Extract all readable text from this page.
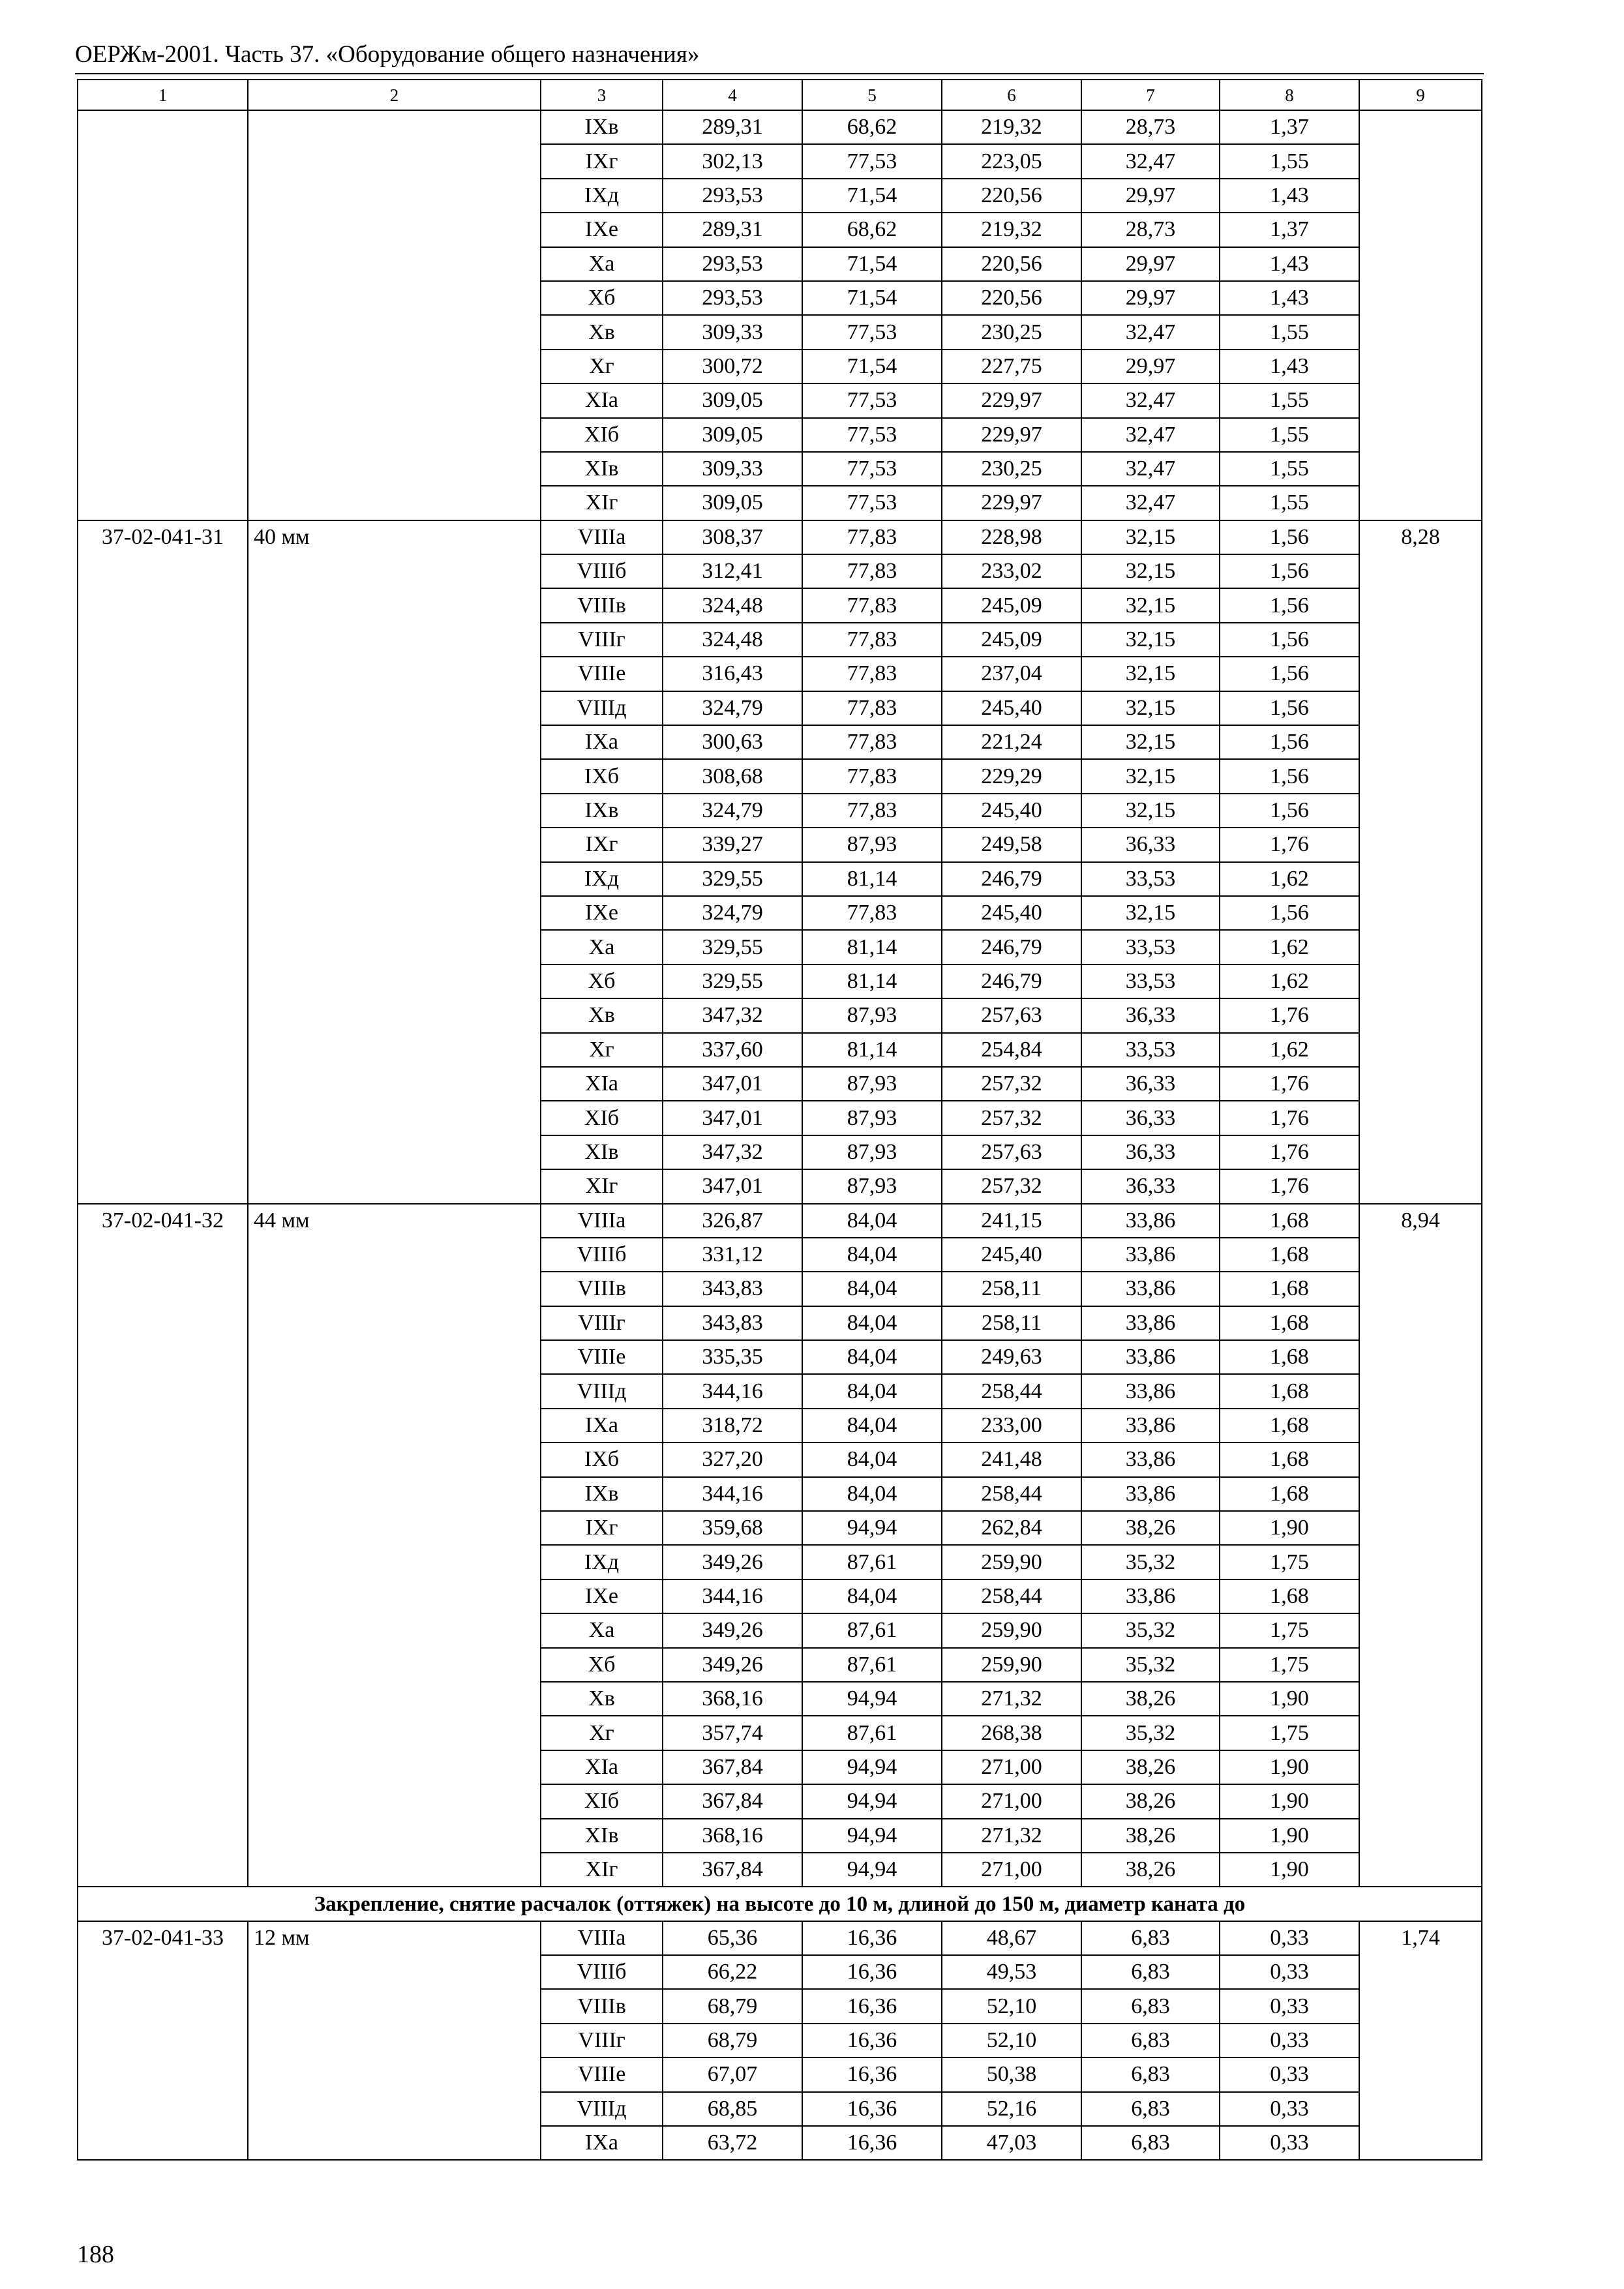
ОЕРЖм-2001. Часть 37. «Оборудование общего назначения»
1	2	3	4	5	6	7	8	9
		IXв	289,31	68,62	219,32	28,73	1,37	
		IXг	302,13	77,53	223,05	32,47	1,55	
		IXд	293,53	71,54	220,56	29,97	1,43	
		IXе	289,31	68,62	219,32	28,73	1,37	
		Xа	293,53	71,54	220,56	29,97	1,43	
		Xб	293,53	71,54	220,56	29,97	1,43	
		Xв	309,33	77,53	230,25	32,47	1,55	
		Xг	300,72	71,54	227,75	29,97	1,43	
		XIа	309,05	77,53	229,97	32,47	1,55	
		XIб	309,05	77,53	229,97	32,47	1,55	
		XIв	309,33	77,53	230,25	32,47	1,55	
		XIг	309,05	77,53	229,97	32,47	1,55	
37-02-041-31	40 мм	VIIIа	308,37	77,83	228,98	32,15	1,56	8,28
		VIIIб	312,41	77,83	233,02	32,15	1,56	
		VIIIв	324,48	77,83	245,09	32,15	1,56	
		VIIIг	324,48	77,83	245,09	32,15	1,56	
		VIIIе	316,43	77,83	237,04	32,15	1,56	
		VIIIд	324,79	77,83	245,40	32,15	1,56	
		IXа	300,63	77,83	221,24	32,15	1,56	
		IXб	308,68	77,83	229,29	32,15	1,56	
		IXв	324,79	77,83	245,40	32,15	1,56	
		IXг	339,27	87,93	249,58	36,33	1,76	
		IXд	329,55	81,14	246,79	33,53	1,62	
		IXе	324,79	77,83	245,40	32,15	1,56	
		Xа	329,55	81,14	246,79	33,53	1,62	
		Xб	329,55	81,14	246,79	33,53	1,62	
		Xв	347,32	87,93	257,63	36,33	1,76	
		Xг	337,60	81,14	254,84	33,53	1,62	
		XIа	347,01	87,93	257,32	36,33	1,76	
		XIб	347,01	87,93	257,32	36,33	1,76	
		XIв	347,32	87,93	257,63	36,33	1,76	
		XIг	347,01	87,93	257,32	36,33	1,76	
37-02-041-32	44 мм	VIIIа	326,87	84,04	241,15	33,86	1,68	8,94
		VIIIб	331,12	84,04	245,40	33,86	1,68	
		VIIIв	343,83	84,04	258,11	33,86	1,68	
		VIIIг	343,83	84,04	258,11	33,86	1,68	
		VIIIе	335,35	84,04	249,63	33,86	1,68	
		VIIIд	344,16	84,04	258,44	33,86	1,68	
		IXа	318,72	84,04	233,00	33,86	1,68	
		IXб	327,20	84,04	241,48	33,86	1,68	
		IXв	344,16	84,04	258,44	33,86	1,68	
		IXг	359,68	94,94	262,84	38,26	1,90	
		IXд	349,26	87,61	259,90	35,32	1,75	
		IXе	344,16	84,04	258,44	33,86	1,68	
		Xа	349,26	87,61	259,90	35,32	1,75	
		Xб	349,26	87,61	259,90	35,32	1,75	
		Xв	368,16	94,94	271,32	38,26	1,90	
		Xг	357,74	87,61	268,38	35,32	1,75	
		XIа	367,84	94,94	271,00	38,26	1,90	
		XIб	367,84	94,94	271,00	38,26	1,90	
		XIв	368,16	94,94	271,32	38,26	1,90	
		XIг	367,84	94,94	271,00	38,26	1,90	
Закрепление, снятие расчалок (оттяжек) на высоте до 10 м, длиной до 150 м, диаметр каната до								
37-02-041-33	12 мм	VIIIа	65,36	16,36	48,67	6,83	0,33	1,74
		VIIIб	66,22	16,36	49,53	6,83	0,33	
		VIIIв	68,79	16,36	52,10	6,83	0,33	
		VIIIг	68,79	16,36	52,10	6,83	0,33	
		VIIIе	67,07	16,36	50,38	6,83	0,33	
		VIIIд	68,85	16,36	52,16	6,83	0,33	
		IXа	63,72	16,36	47,03	6,83	0,33	
188
